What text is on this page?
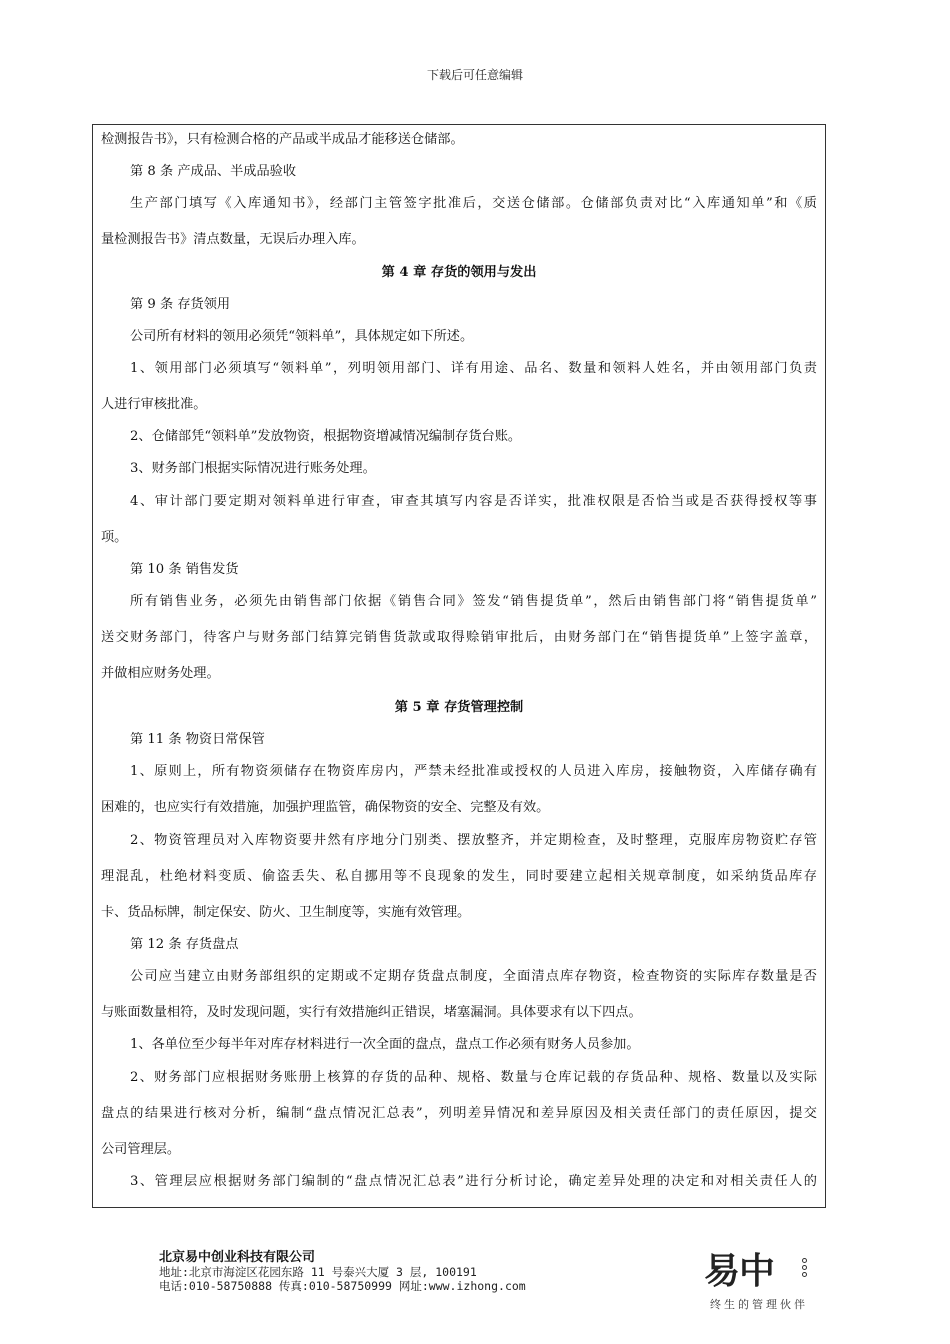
下载后可任意编辑
检测报告书》，只有检测合格的产品或半成品才能移送仓储部。
第 8 条 产成品、半成品验收
生产部门填写《入库通知书》，经部门主管签字批准后，交送仓储部。仓储部负责对比“入库通知单”和《质
量检测报告书》清点数量，无误后办理入库。
第 4 章 存货的领用与发出
第 9 条 存货领用
公司所有材料的领用必须凭“领料单”，具体规定如下所述。
1、领用部门必须填写“领料单”，列明领用部门、详有用途、品名、数量和领料人姓名，并由领用部门负责
人进行审核批准。
2、仓储部凭“领料单”发放物资，根据物资增减情况编制存货台账。
3、财务部门根据实际情况进行账务处理。
4、审计部门要定期对领料单进行审查，审查其填写内容是否详实，批准权限是否恰当或是否获得授权等事
项。
第 10 条 销售发货
所有销售业务，必须先由销售部门依据《销售合同》签发“销售提货单”，然后由销售部门将“销售提货单”
送交财务部门，待客户与财务部门结算完销售货款或取得赊销审批后，由财务部门在“销售提货单”上签字盖章，
并做相应财务处理。
第 5 章 存货管理控制
第 11 条 物资日常保管
1、原则上，所有物资须储存在物资库房内，严禁未经批准或授权的人员进入库房，接触物资，入库储存确有
困难的，也应实行有效措施，加强护理监管，确保物资的安全、完整及有效。
2、物资管理员对入库物资要井然有序地分门别类、摆放整齐，并定期检查，及时整理，克服库房物资贮存管
理混乱，杜绝材料变质、偷盗丢失、私自挪用等不良现象的发生，同时要建立起相关规章制度，如采纳货品库存
卡、货品标牌，制定保安、防火、卫生制度等，实施有效管理。
第 12 条 存货盘点
公司应当建立由财务部组织的定期或不定期存货盘点制度，全面清点库存物资，检查物资的实际库存数量是否
与账面数量相符，及时发现问题，实行有效措施纠正错误，堵塞漏洞。具体要求有以下四点。
1、各单位至少每半年对库存材料进行一次全面的盘点，盘点工作必须有财务人员参加。
2、财务部门应根据财务账册上核算的存货的品种、规格、数量与仓库记载的存货品种、规格、数量以及实际
盘点的结果进行核对分析，编制“盘点情况汇总表”，列明差异情况和差异原因及相关责任部门的责任原因，提交
公司管理层。
3、管理层应根据财务部门编制的“盘点情况汇总表”进行分析讨论，确定差异处理的决定和对相关责任人的
北京易中创业科技有限公司
地址:北京市海淀区花园东路 11 号泰兴大厦 3 层, 100191
电话:010-58750888 传真:010-58750999 网址:www.izhong.com	易中
终生的管理伙伴
